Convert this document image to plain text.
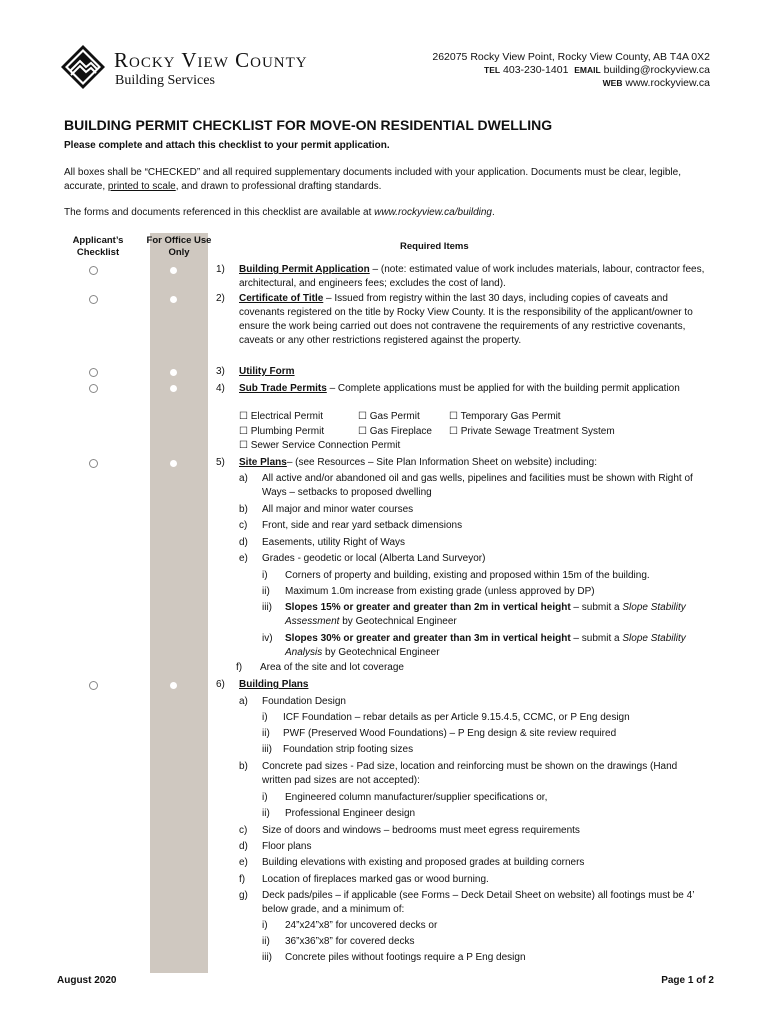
Rocky View County
Building Services
262075 Rocky View Point, Rocky View County, AB T4A 0X2
TEL 403-230-1401 EMAIL building@rockyview.ca
WEB www.rockyview.ca
BUILDING PERMIT CHECKLIST FOR MOVE-ON RESIDENTIAL DWELLING
Please complete and attach this checklist to your permit application.
All boxes shall be “CHECKED” and all required supplementary documents included with your application. Documents must be clear, legible, accurate, printed to scale, and drawn to professional drafting standards.
The forms and documents referenced in this checklist are available at www.rockyview.ca/building.
Applicant’s Checklist
For Office Use Only
Required Items
1) Building Permit Application – (note: estimated value of work includes materials, labour, contractor fees, architectural, and engineers fees; excludes the cost of land).
2) Certificate of Title – Issued from registry within the last 30 days, including copies of caveats and covenants registered on the title by Rocky View County. It is the responsibility of the applicant/owner to ensure the work being carried out does not contravene the requirements of any restrictive covenants, caveats or any other restrictions registered against the property.
3) Utility Form
4) Sub Trade Permits – Complete applications must be applied for with the building permit application
☐ Electrical Permit	☐ Gas Permit	☐ Temporary Gas Permit
☐ Plumbing Permit	☐ Gas Fireplace ☐ Private Sewage Treatment System
☐ Sewer Service Connection Permit
5) Site Plans– (see Resources – Site Plan Information Sheet on website) including:
a) All active and/or abandoned oil and gas wells, pipelines and facilities must be shown with Right of Ways – setbacks to proposed dwelling
b) All major and minor water courses
c) Front, side and rear yard setback dimensions
d) Easements, utility Right of Ways
e) Grades - geodetic or local (Alberta Land Surveyor)
i) Corners of property and building, existing and proposed within 15m of the building.
ii) Maximum 1.0m increase from existing grade (unless approved by DP)
iii) Slopes 15% or greater and greater than 2m in vertical height – submit a Slope Stability Assessment by Geotechnical Engineer
iv) Slopes 30% or greater and greater than 3m in vertical height – submit a Slope Stability Analysis by Geotechnical Engineer
f) Area of the site and lot coverage
6) Building Plans
a) Foundation Design
i) ICF Foundation – rebar details as per Article 9.15.4.5, CCMC, or P Eng design
ii) PWF (Preserved Wood Foundations) – P Eng design & site review required
iii) Foundation strip footing sizes
b) Concrete pad sizes - Pad size, location and reinforcing must be shown on the drawings (Hand written pad sizes are not accepted):
i) Engineered column manufacturer/supplier specifications or,
ii) Professional Engineer design
c) Size of doors and windows – bedrooms must meet egress requirements
d) Floor plans
e) Building elevations with existing and proposed grades at building corners
f) Location of fireplaces marked gas or wood burning.
g) Deck pads/piles – if applicable (see Forms – Deck Detail Sheet on website) all footings must be 4’ below grade, and a minimum of:
i) 24”x24”x8” for uncovered decks or
ii) 36”x36”x8” for covered decks
iii) Concrete piles without footings require a P Eng design
August 2020	Page 1 of 2
